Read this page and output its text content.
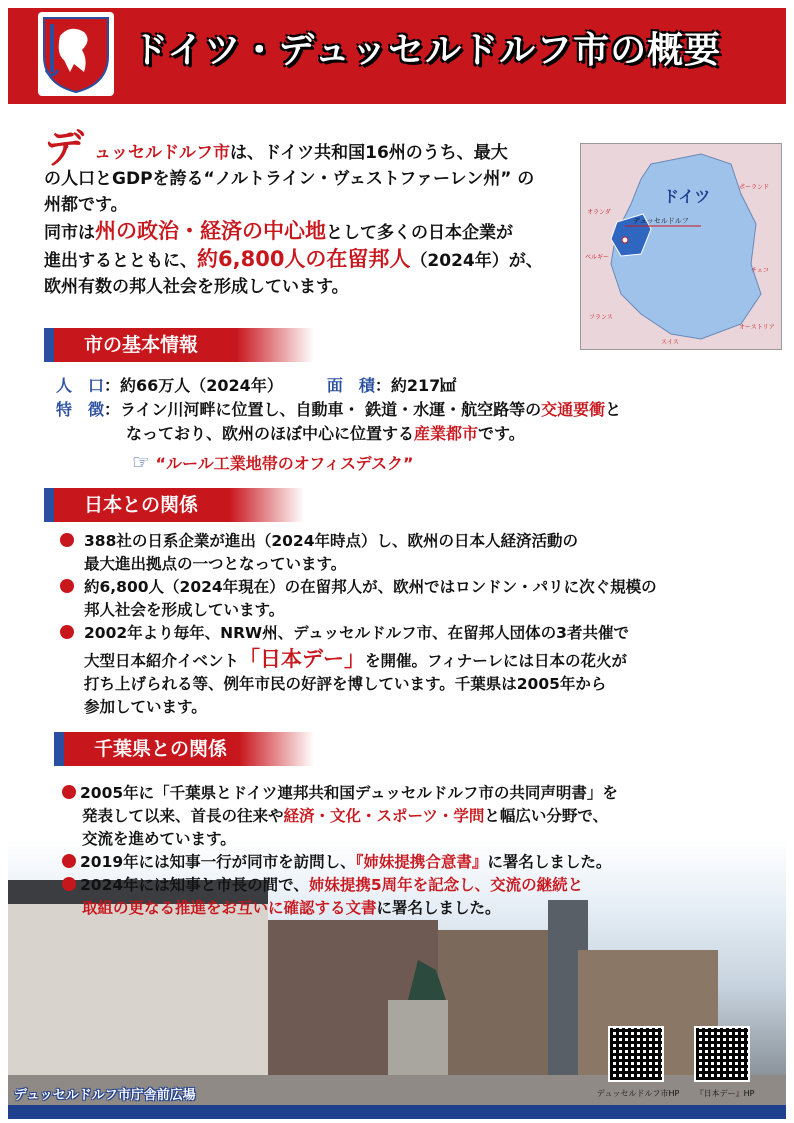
ドイツ・デュッセルドルフ市の概要
デュッセルドルフ市は、ドイツ共和国16州のうち、最大
の人口とGDPを誇る“ノルトライン・ヴェストファーレン州” の
州都です。
同市は州の政治・経済の中心地として多くの日本企業が
進出するとともに、約6,800人の在留邦人（2024年）が、
欧州有数の邦人社会を形成しています。
デュッセルドルフ
ドイツ	ポーランド
チェコ
オーストリア
スイス
フランス
ベルギー
オランダ
市の基本情報
人　口：約66万人（2024年）	面　積：約217㎢
特　徴：ライン川河畔に位置し、自動車・ 鉄道・水運・航空路等の交通要衝と
なっており、欧州のほぼ中心に位置する産業都市です。
☞ “ルール工業地帯のオフィスデスク”
日本との関係
388社の日系企業が進出（2024年時点）し、欧州の日本人経済活動の
最大進出拠点の一つとなっています。
約6,800人（2024年現在）の在留邦人が、欧州ではロンドン・パリに次ぐ規模の
邦人社会を形成しています。
2002年より毎年、NRW州、デュッセルドルフ市、在留邦人団体の3者共催で
大型日本紹介イベント「日本デー」を開催。フィナーレには日本の花火が
打ち上げられる等、例年市民の好評を博しています。千葉県は2005年から
参加しています。
千葉県との関係
2005年に「千葉県とドイツ連邦共和国デュッセルドルフ市の共同声明書」を
発表して以来、首長の往来や経済・文化・スポーツ・学問と幅広い分野で、
交流を進めています。
2019年には知事一行が同市を訪問し、『姉妹提携合意書』に署名しました。
2024年には知事と市長の間で、姉妹提携5周年を記念し、交流の継続と
取組の更なる推進をお互いに確認する文書に署名しました。
デュッセルドルフ市HP	『日本デー』HP
デュッセルドルフ市庁舎前広場
